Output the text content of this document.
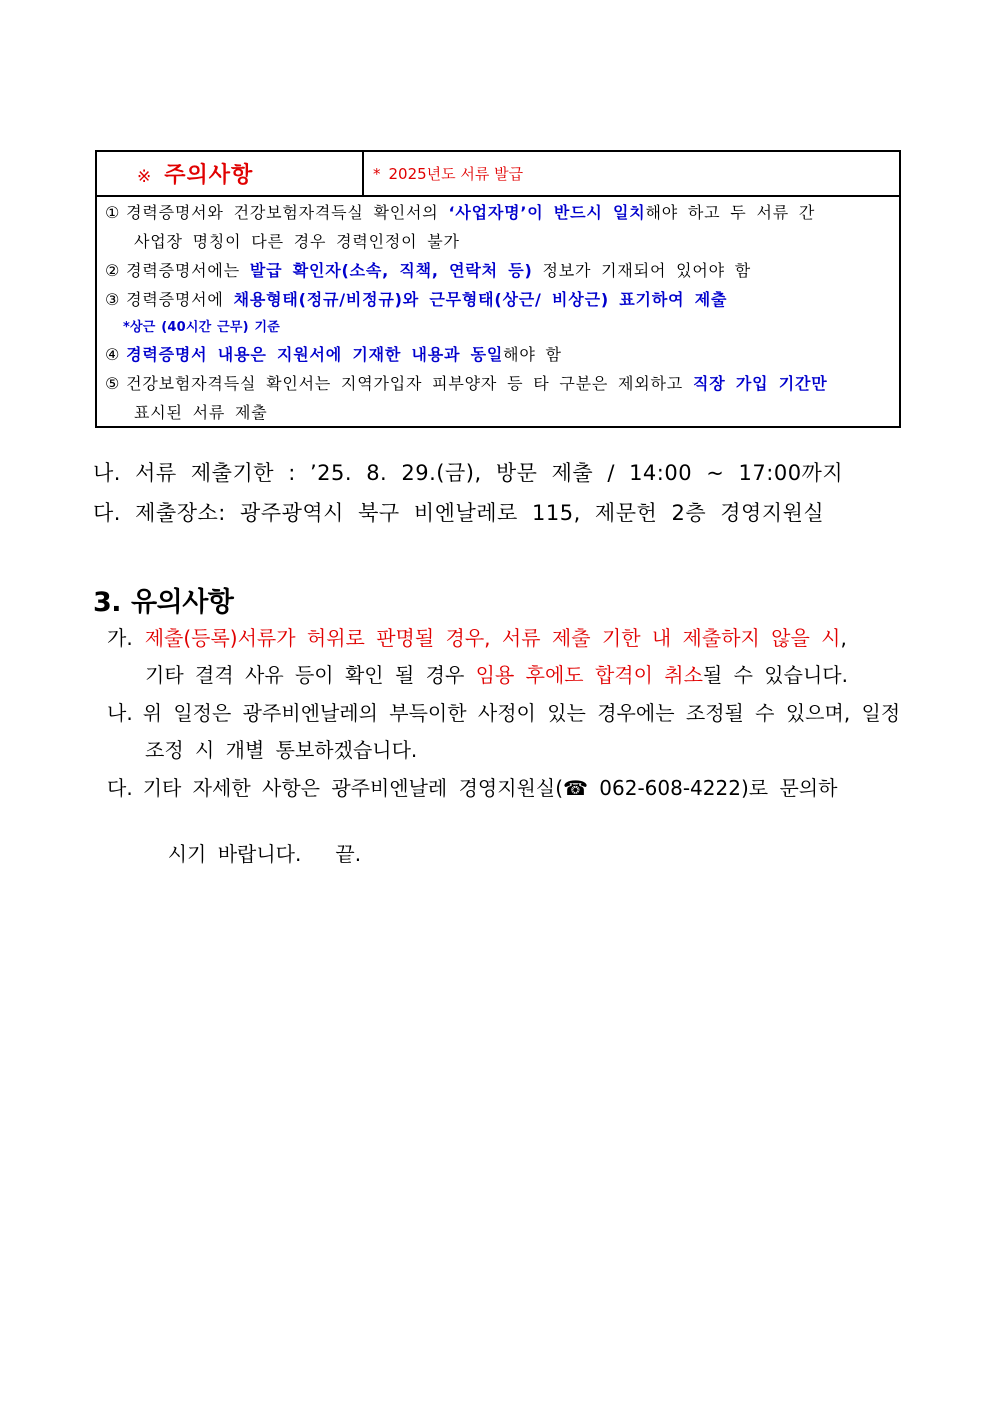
※ 주의사항	* 2025년도 서류 발급
① 경력증명서와 건강보험자격득실 확인서의 ‘사업자명’이 반드시 일치해야 하고 두 서류 간
사업장 명칭이 다른 경우 경력인정이 불가
② 경력증명서에는 발급 확인자(소속, 직책, 연락처 등) 정보가 기재되어 있어야 함
③ 경력증명서에 채용형태(정규/비정규)와 근무형태(상근/ 비상근) 표기하여 제출
*상근 (40시간 근무) 기준
④ 경력증명서 내용은 지원서에 기재한 내용과 동일해야 함
⑤ 건강보험자격득실 확인서는 지역가입자 피부양자 등 타 구분은 제외하고 직장 가입 기간만
표시된 서류 제출
나. 서류 제출기한 : ’25. 8. 29.(금), 방문 제출 / 14:00 ~ 17:00까지
다. 제출장소: 광주광역시 북구 비엔날레로 115, 제문헌 2층 경영지원실
3. 유의사항
가. 제출(등록)서류가 허위로 판명될 경우, 서류 제출 기한 내 제출하지 않을 시,
기타 결격 사유 등이 확인 될 경우 임용 후에도 합격이 취소될 수 있습니다.
나. 위 일정은 광주비엔날레의 부득이한 사정이 있는 경우에는 조정될 수 있으며, 일정
조정 시 개별 통보하겠습니다.
다. 기타 자세한 사항은 광주비엔날레 경영지원실(☎ 062-608-4222)로 문의하

시기 바랍니다.   끝.
